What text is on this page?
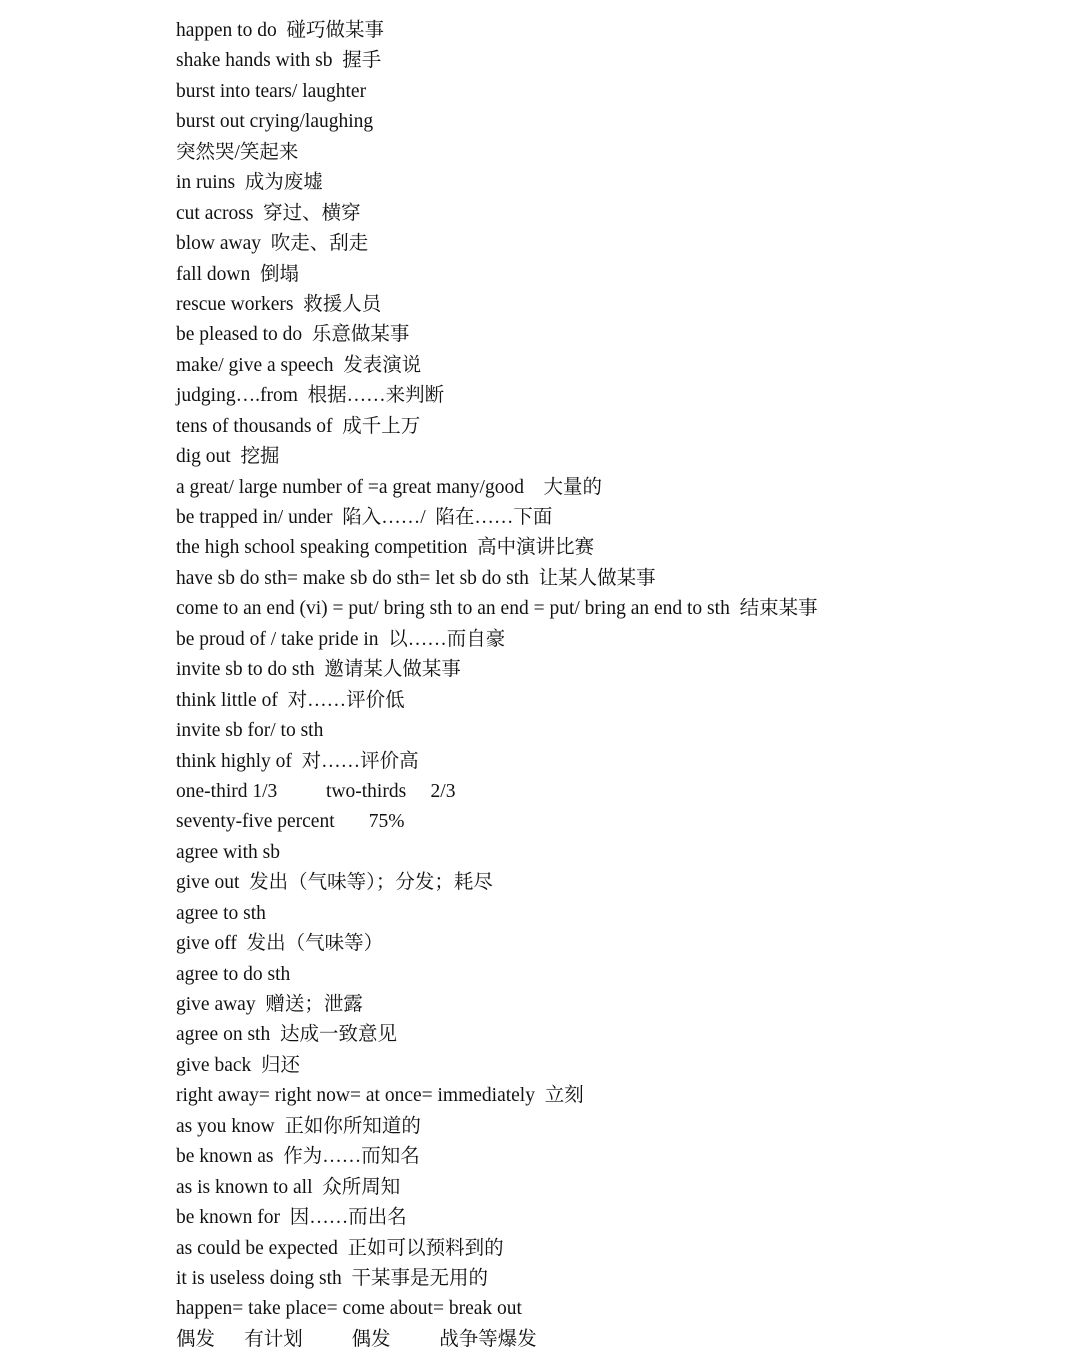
happen to do  碰巧做某事
shake hands with sb  握手
burst into tears/ laughter
burst out crying/laughing
突然哭/笑起来
in ruins  成为废墟
cut across  穿过、横穿
blow away  吹走、刮走
fall down  倒塌
rescue workers  救援人员
be pleased to do  乐意做某事
make/ give a speech  发表演说
judging….from  根据……来判断
tens of thousands of  成千上万
dig out  挖掘
a great/ large number of =a great many/good    大量的
be trapped in/ under  陷入……/  陷在……下面
the high school speaking competition  高中演讲比赛
have sb do sth= make sb do sth= let sb do sth  让某人做某事
come to an end (vi) = put/ bring sth to an end = put/ bring an end to sth  结束某事
be proud of / take pride in  以……而自豪
invite sb to do sth  邀请某人做某事
think little of  对……评价低
invite sb for/ to sth
think highly of  对……评价高
one-third 1/3          two-thirds     2/3
seventy-five percent       75%
agree with sb
give out  发出（气味等）；分发；耗尽
agree to sth
give off  发出（气味等）
agree to do sth
give away  赠送；泄露
agree on sth  达成一致意见
give back  归还
right away= right now= at once= immediately  立刻
as you know  正如你所知道的
be known as  作为……而知名
as is known to all  众所周知
be known for  因……而出名
as could be expected  正如可以预料到的
it is useless doing sth  干某事是无用的
happen= take place= come about= break out
偶发      有计划          偶发          战争等爆发
